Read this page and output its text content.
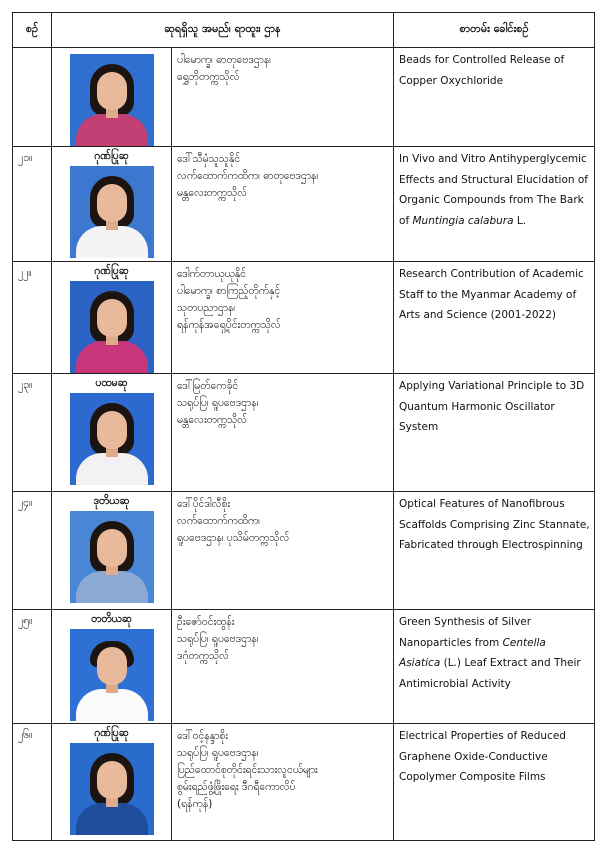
စဉ်	ဆုရရှိသူ အမည်၊ ရာထူး၊ ဌာန		စာတမ်း ခေါင်းစဉ်

		ပါမောက္ခ၊ ဓာတုဗေဒဌာန၊
ရွှေဘိုတက္ကသိုလ်	Beads for Controlled Release of Copper Oxychloride
၂၁။	ဂုဏ်ပြုဆု	ဒေါ်သီမှံသူသူနိုင်
လက်ထောက်ကထိက၊ ဓာတုဗေဒဌာန၊
မန္တလေးတက္ကသိုလ်	In Vivo and Vitro Antihyperglycemic Effects and Structural Elucidation of Organic Compounds from The Bark of Muntingia calabura L.
၂၂။	ဂုဏ်ပြုဆု	ဒေါက်တာယုယုနိုင်
ပါမောက္ခ၊ စာကြည့်တိုက်နှင့်
သုတပညာဌာန၊
ရန်ကုန်အရှေ့ပိုင်းတက္ကသိုလ်	Research Contribution of Academic Staff to the Myanmar Academy of Arts and Science (2001-2022)
၂၃။	ပထမဆု	ဒေါ်မြတ်ကေခိုင်
သရုပ်ပြ၊ ရူပဗေဒဌာန၊
မန္တလေးတက္ကသိုလ်	Applying Variational Principle to 3D Quantum Harmonic Oscillator System
၂၄။	ဒုတိယဆု	ဒေါ်ပိုင်ဒါလီစိုး
လက်ထောက်ကထိက၊
ရူပဗေဒဌာန၊ ပုသိမ်တက္ကသိုလ်	Optical Features of Nanofibrous Scaffolds Comprising Zinc Stannate, Fabricated through Electrospinning
၂၅။	တတိယဆု	ဦးဇော်ဝင်းထွန်း
သရုပ်ပြ၊ ရူပဗေဒဌာန၊
ဒဂုံတက္ကသိုလ်	Green Synthesis of Silver Nanoparticles from Centella Asiatica (L.) Leaf Extract and Their Antimicrobial Activity
၂၆။	ဂုဏ်ပြုဆု	ဒေါ်ဝင့်နန္ဒာစိုး
သရုပ်ပြ၊ ရူပဗေဒဌာန၊
ပြည်ထောင်စုတိုင်းရင်းသားလူငယ်များ
စွမ်းရည်ဖွံ့ဖြိုးရေး ဒီဂရီကောလိပ်
(ရန်ကုန်)	Electrical Properties of Reduced Graphene Oxide-Conductive Copolymer Composite Films
